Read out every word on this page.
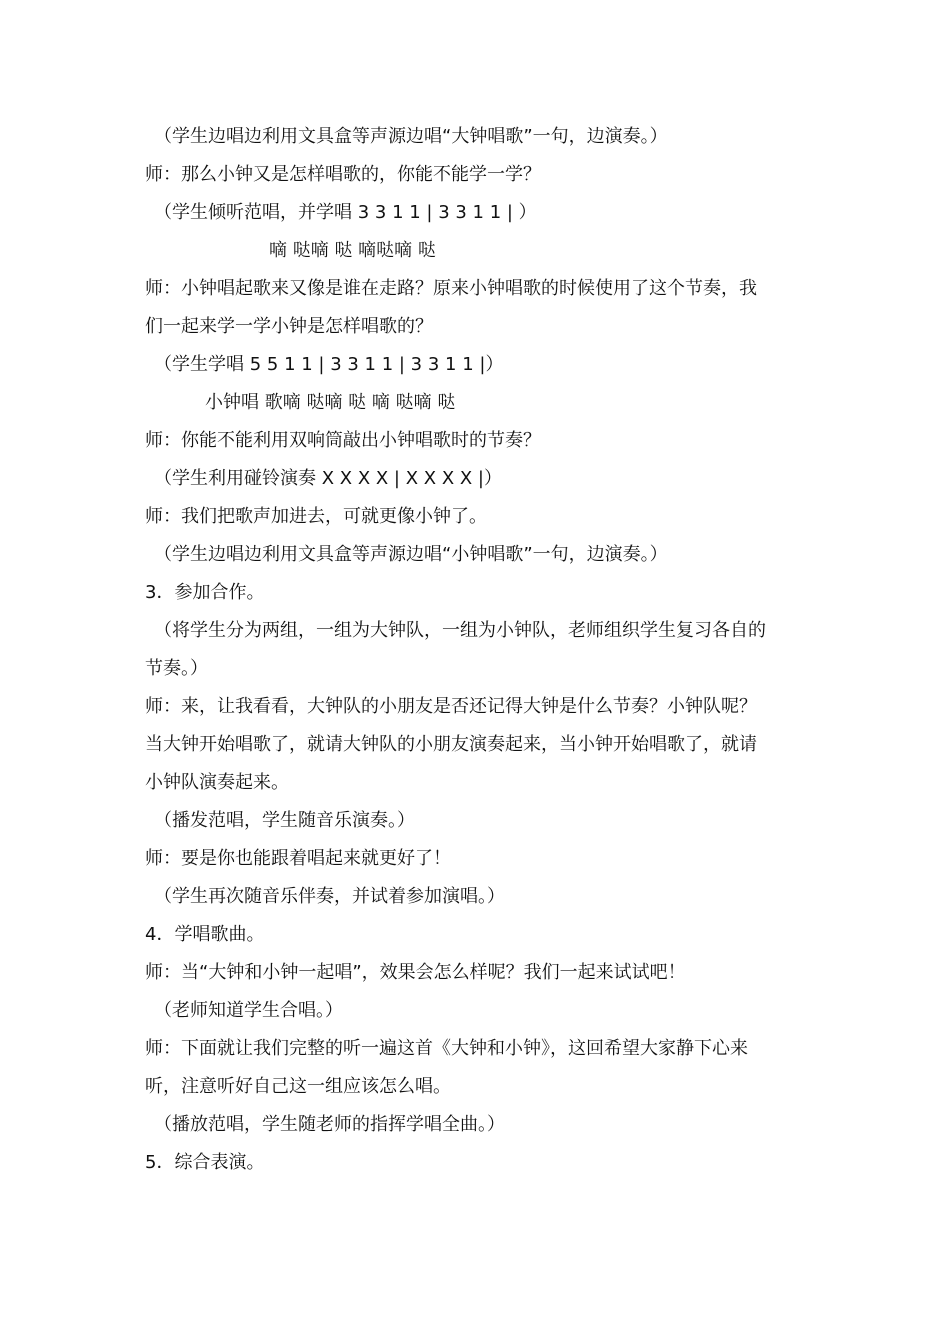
（学生边唱边利用文具盒等声源边唱“大钟唱歌”一句，边演奏。）
师：那么小钟又是怎样唱歌的，你能不能学一学？
（学生倾听范唱，并学唱 3 3 1 1 | 3 3 1 1 | ）
嘀 哒嘀 哒 嘀哒嘀 哒
师：小钟唱起歌来又像是谁在走路？原来小钟唱歌的时候使用了这个节奏，我
们一起来学一学小钟是怎样唱歌的？
（学生学唱 5 5 1 1 | 3 3 1 1 | 3 3 1 1 |）
小钟唱 歌嘀 哒嘀 哒 嘀 哒嘀 哒
师：你能不能利用双响筒敲出小钟唱歌时的节奏？
（学生利用碰铃演奏 X X X X | X X X X |）
师：我们把歌声加进去，可就更像小钟了。
（学生边唱边利用文具盒等声源边唱“小钟唱歌”一句，边演奏。）
3．参加合作。
（将学生分为两组，一组为大钟队，一组为小钟队，老师组织学生复习各自的
节奏。）
师：来，让我看看，大钟队的小朋友是否还记得大钟是什么节奏？小钟队呢？
当大钟开始唱歌了，就请大钟队的小朋友演奏起来，当小钟开始唱歌了，就请
小钟队演奏起来。
（播发范唱，学生随音乐演奏。）
师：要是你也能跟着唱起来就更好了！
（学生再次随音乐伴奏，并试着参加演唱。）
4．学唱歌曲。
师：当“大钟和小钟一起唱”，效果会怎么样呢？我们一起来试试吧！
（老师知道学生合唱。）
师：下面就让我们完整的听一遍这首《大钟和小钟》，这回希望大家静下心来
听，注意听好自己这一组应该怎么唱。
（播放范唱，学生随老师的指挥学唱全曲。）
5．综合表演。
